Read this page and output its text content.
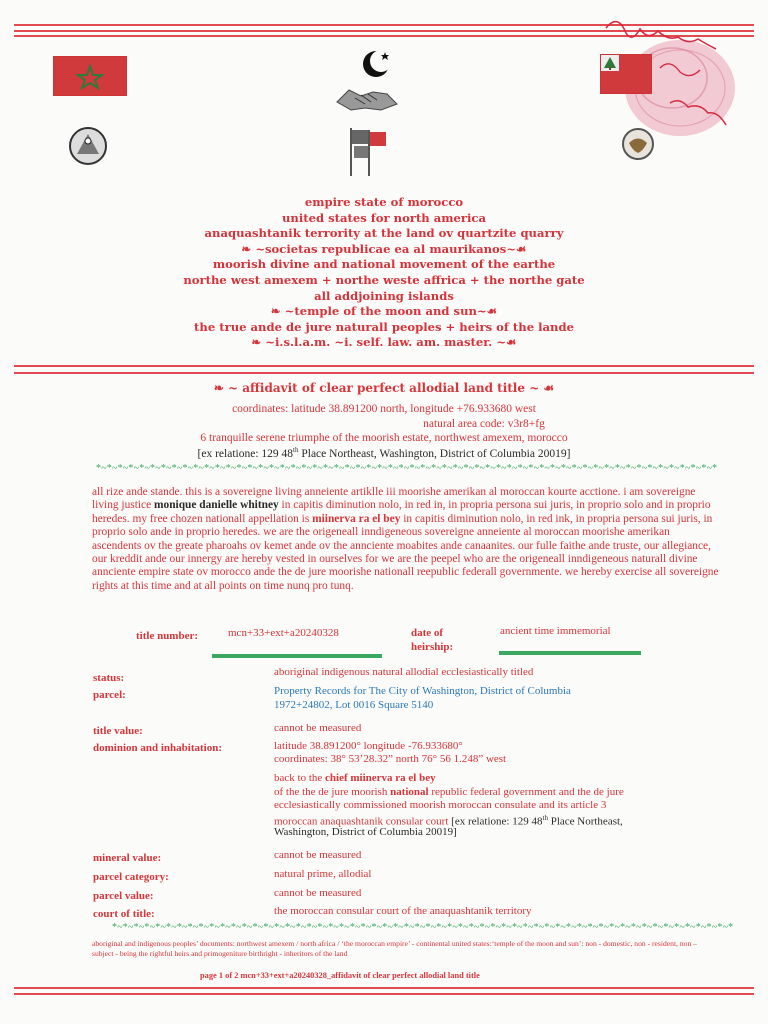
empire state of morocco
united states for north america
anaquashtanik terrority at the land ov quartzite quarry
❧ ~societas republicae ea al maurikanos~☙
moorish divine and national movement of the earthe
northe west amexem + northe weste affrica + the northe gate
all addjoining islands
❧ ~temple of the moon and sun~☙
the true ande de jure naturall peoples + heirs of the lande
❧ ~i.s.l.a.m. ~i. self. law. am. master. ~☙
❧ ~ affidavit of clear perfect allodial land title ~ ☙
coordinates: latitude 38.891200 north, longitude +76.933680 west
natural area code: v3r8+fg
6 tranquille serene triumphe of the moorish estate, northwest amexem, morocco
[ex relatione: 129 48th Place Northeast, Washington, District of Columbia 20019]
*~*~*~*~*~*~*~*~*~*~*~*~*~*~*~*~*~*~*~*~*~*~*~*~*~*~*~*~*~*~*~*~*~*~*~*~*~*~*~*~*~*~*~*~*~*~*~*~*~*~*~*~*~*~*~*~*~*
all rize ande stande. this is a sovereigne living anneiente artiklle iii moorishe amerikan al moroccan kourte acctione. i am sovereigne living justice monique danielle whitney in capitis diminution nolo, in red in, in propria persona sui juris, in proprio solo and in proprio heredes. my free chozen nationall appellation is miinerva ra el bey in capitis diminution nolo, in red ink, in propria persona sui juris, in proprio solo ande in proprio heredes. we are the origeneall inndigeneous sovereigne anneiente al moroccan moorishe amerikan ascendents ov the greate pharoahs ov kemet ande ov the annciente moabites ande canaanites. our fulle faithe ande truste, our allegiance, our kreddit ande our innergy are hereby vested in ourselves for we are the peepel who are the origeneall inndigeneous naturall divine annciente empire state ov morocco ande the de jure moorishe nationall reepublic federall governmente. we hereby exercise all sovereigne rights at this time and at all points on time nunq pro tunq.
title number:	mcn+33+ext+a20240328	date of heirship:
ancient time immemorial
status:	aboriginal indigenous natural allodial ecclesiastically titled
parcel:	Property Records for The City of Washington, District of Columbia
1972+24802, Lot 0016 Square 5140
title value:	cannot be measured
dominion and inhabitation:	latitude 38.891200° longitude -76.933680°
coordinates: 38° 53’28.32” north 76° 56 1.248” west
back to the chief miinerva ra el bey
of the the de jure moorish national republic federal government and the de jure
ecclesiastically commissioned moorish moroccan consulate and its article 3
moroccan anaquashtanik consular court [ex relatione: 129 48th Place Northeast,
Washington, District of Columbia 20019]
mineral value:	cannot be measured
parcel category:	natural prime, allodial
parcel value:	cannot be measured
court of title:	the moroccan consular court of the anaquashtanik territory
*~*~*~*~*~*~*~*~*~*~*~*~*~*~*~*~*~*~*~*~*~*~*~*~*~*~*~*~*~*~*~*~*~*~*~*~*~*~*~*~*~*~*~*~*~*~*~*~*~*~*~*~*~*~*~*~*~*
aboriginal and indigenous peoples’ documents: northwest amexem / north africa / ‘the moroccan empire’ - continental united states:‘temple of the moon and sun’: non - domestic, non - resident, non – subject - being the rightful heirs and primogeniture birthright - inheritors of the land
page 1 of 2 mcn+33+ext+a20240328_affidavit of clear perfect allodial land title
